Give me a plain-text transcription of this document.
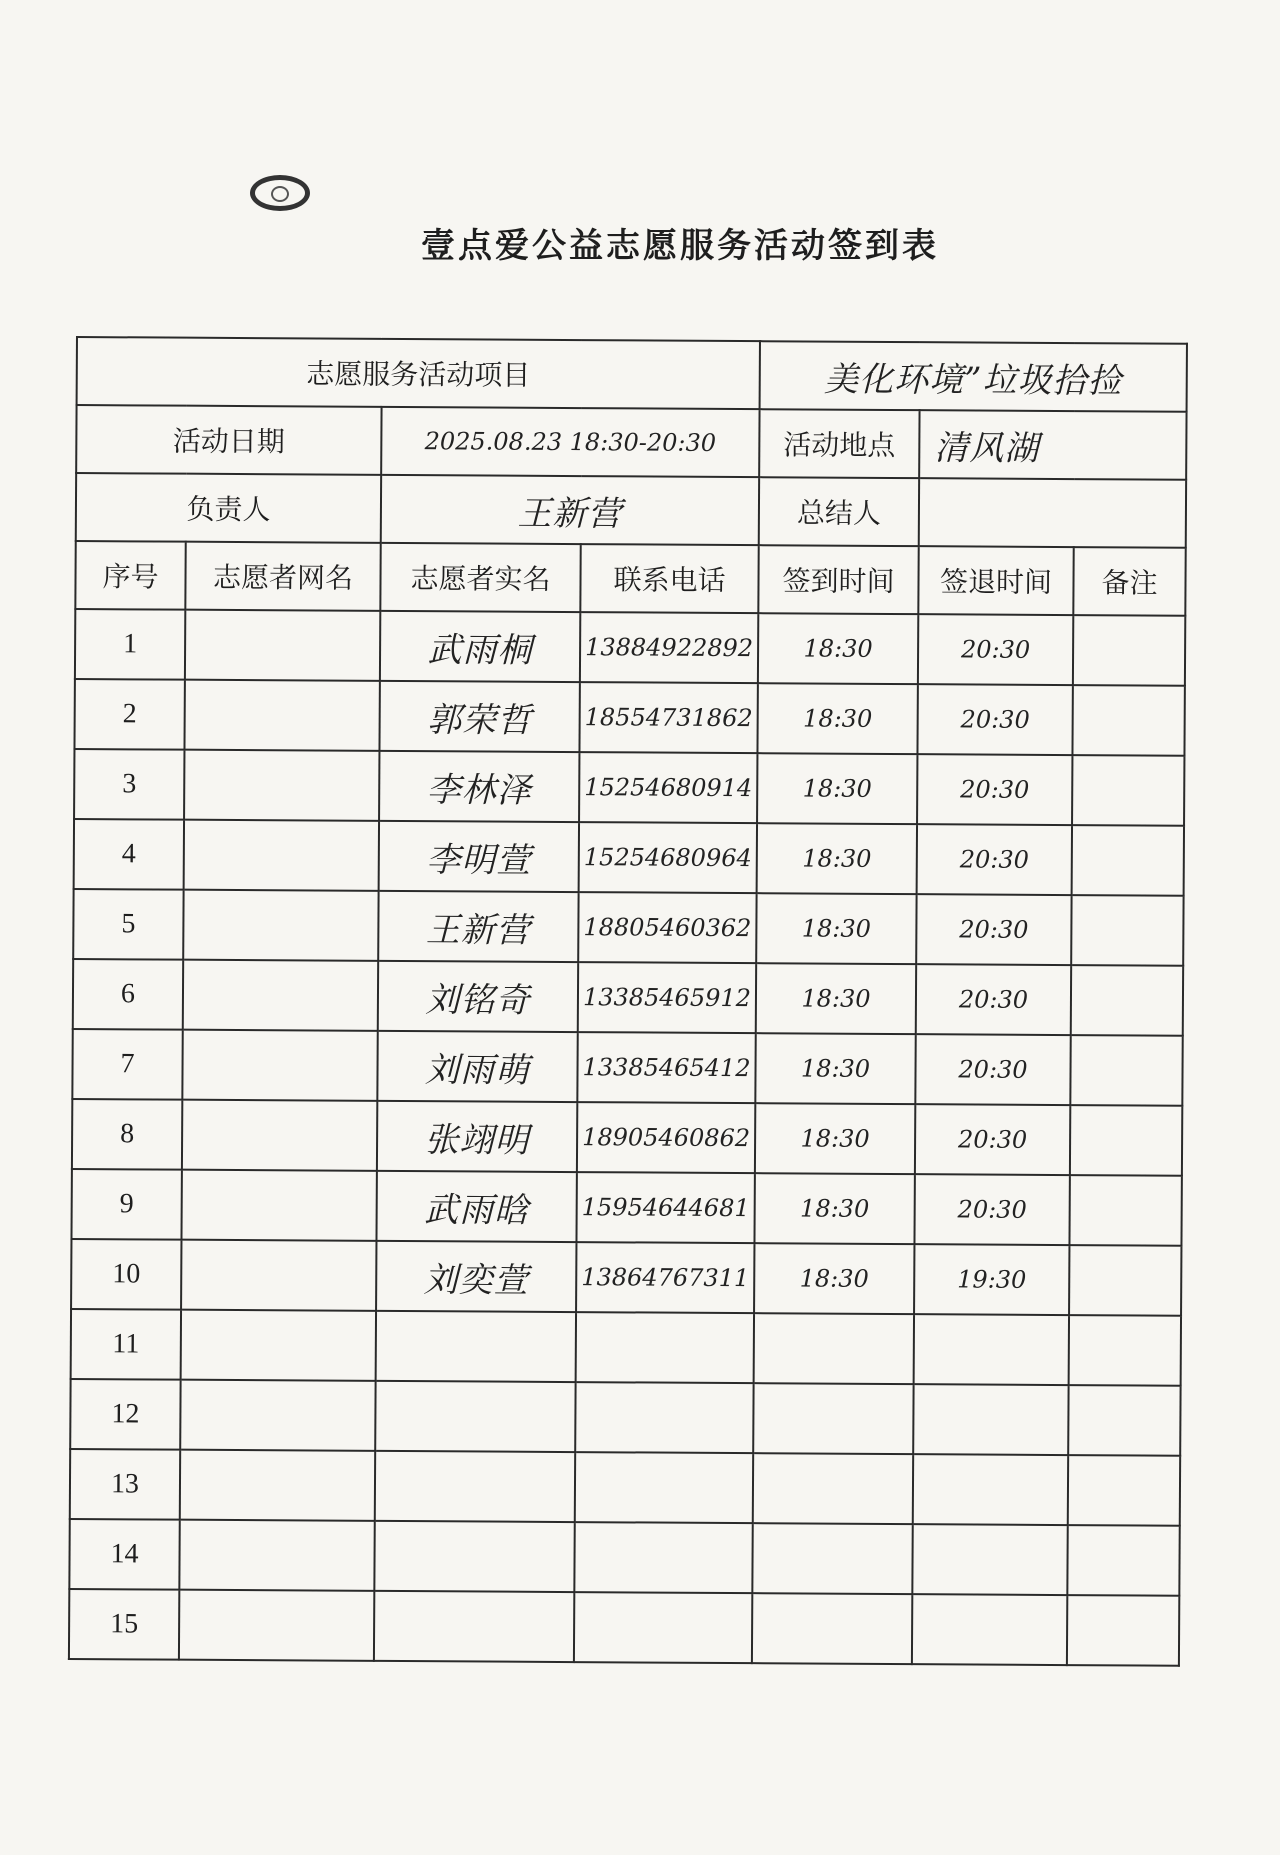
壹点爱公益志愿服务活动签到表
志愿服务活动项目				美化环境”垃圾拾捡		
活动日期		2025.08.23 18:30-20:30		活动地点	清风湖	
负责人		王新营		总结人		
序号	志愿者网名	志愿者实名	联系电话	签到时间	签退时间	备注
1		武雨桐	13884922892	18:30	20:30	
2		郭荣哲	18554731862	18:30	20:30	
3		李林泽	15254680914	18:30	20:30	
4		李明萱	15254680964	18:30	20:30	
5		王新营	18805460362	18:30	20:30	
6		刘铭奇	13385465912	18:30	20:30	
7		刘雨萌	13385465412	18:30	20:30	
8		张翊明	18905460862	18:30	20:30	
9		武雨晗	15954644681	18:30	20:30	
10		刘奕萱	13864767311	18:30	19:30	
11						
12						
13						
14						
15						
